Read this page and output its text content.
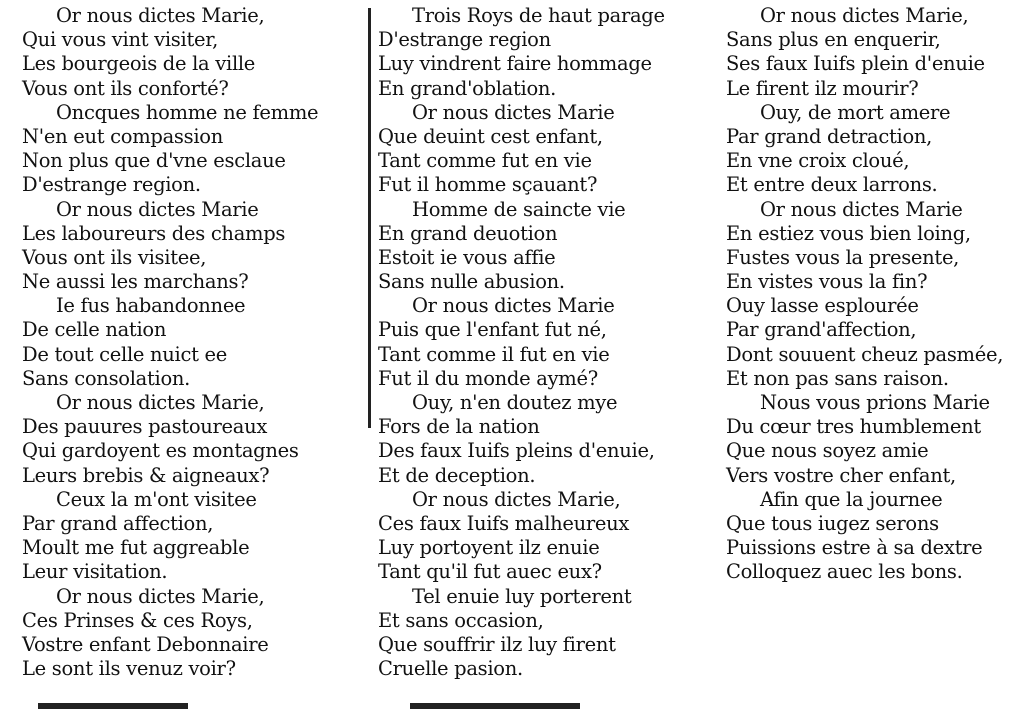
Or nous dictes Marie,
Qui vous vint visiter,
Les bourgeois de la ville
Vous ont ils conforté?
Oncques homme ne femme
N'en eut compassion
Non plus que d'vne esclaue
D'estrange region.
Or nous dictes Marie
Les laboureurs des champs
Vous ont ils visitee,
Ne aussi les marchans?
Ie fus habandonnee
De celle nation
De tout celle nuict ee
Sans consolation.
Or nous dictes Marie,
Des pauures pastoureaux
Qui gardoyent es montagnes
Leurs brebis & aigneaux?
Ceux la m'ont visitee
Par grand affection,
Moult me fut aggreable
Leur visitation.
Or nous dictes Marie,
Ces Prinses & ces Roys,
Vostre enfant Debonnaire
Le sont ils venuz voir?
Trois Roys de haut parage
D'estrange region
Luy vindrent faire hommage
En grand'oblation.
Or nous dictes Marie
Que deuint cest enfant,
Tant comme fut en vie
Fut il homme sçauant?
Homme de saincte vie
En grand deuotion
Estoit ie vous affie
Sans nulle abusion.
Or nous dictes Marie
Puis que l'enfant fut né,
Tant comme il fut en vie
Fut il du monde aymé?
Ouy, n'en doutez mye
Fors de la nation
Des faux Iuifs pleins d'enuie,
Et de deception.
Or nous dictes Marie,
Ces faux Iuifs malheureux
Luy portoyent ilz enuie
Tant qu'il fut auec eux?
Tel enuie luy porterent
Et sans occasion,
Que souffrir ilz luy firent
Cruelle pasion.
Or nous dictes Marie,
Sans plus en enquerir,
Ses faux Iuifs plein d'enuie
Le firent ilz mourir?
Ouy, de mort amere
Par grand detraction,
En vne croix cloué,
Et entre deux larrons.
Or nous dictes Marie
En estiez vous bien loing,
Fustes vous la presente,
En vistes vous la fin?
Ouy lasse esplourée
Par grand'affection,
Dont souuent cheuz pasmée,
Et non pas sans raison.
Nous vous prions Marie
Du cœur tres humblement
Que nous soyez amie
Vers vostre cher enfant,
Afin que la journee
Que tous iugez serons
Puissions estre à sa dextre
Colloquez auec les bons.
